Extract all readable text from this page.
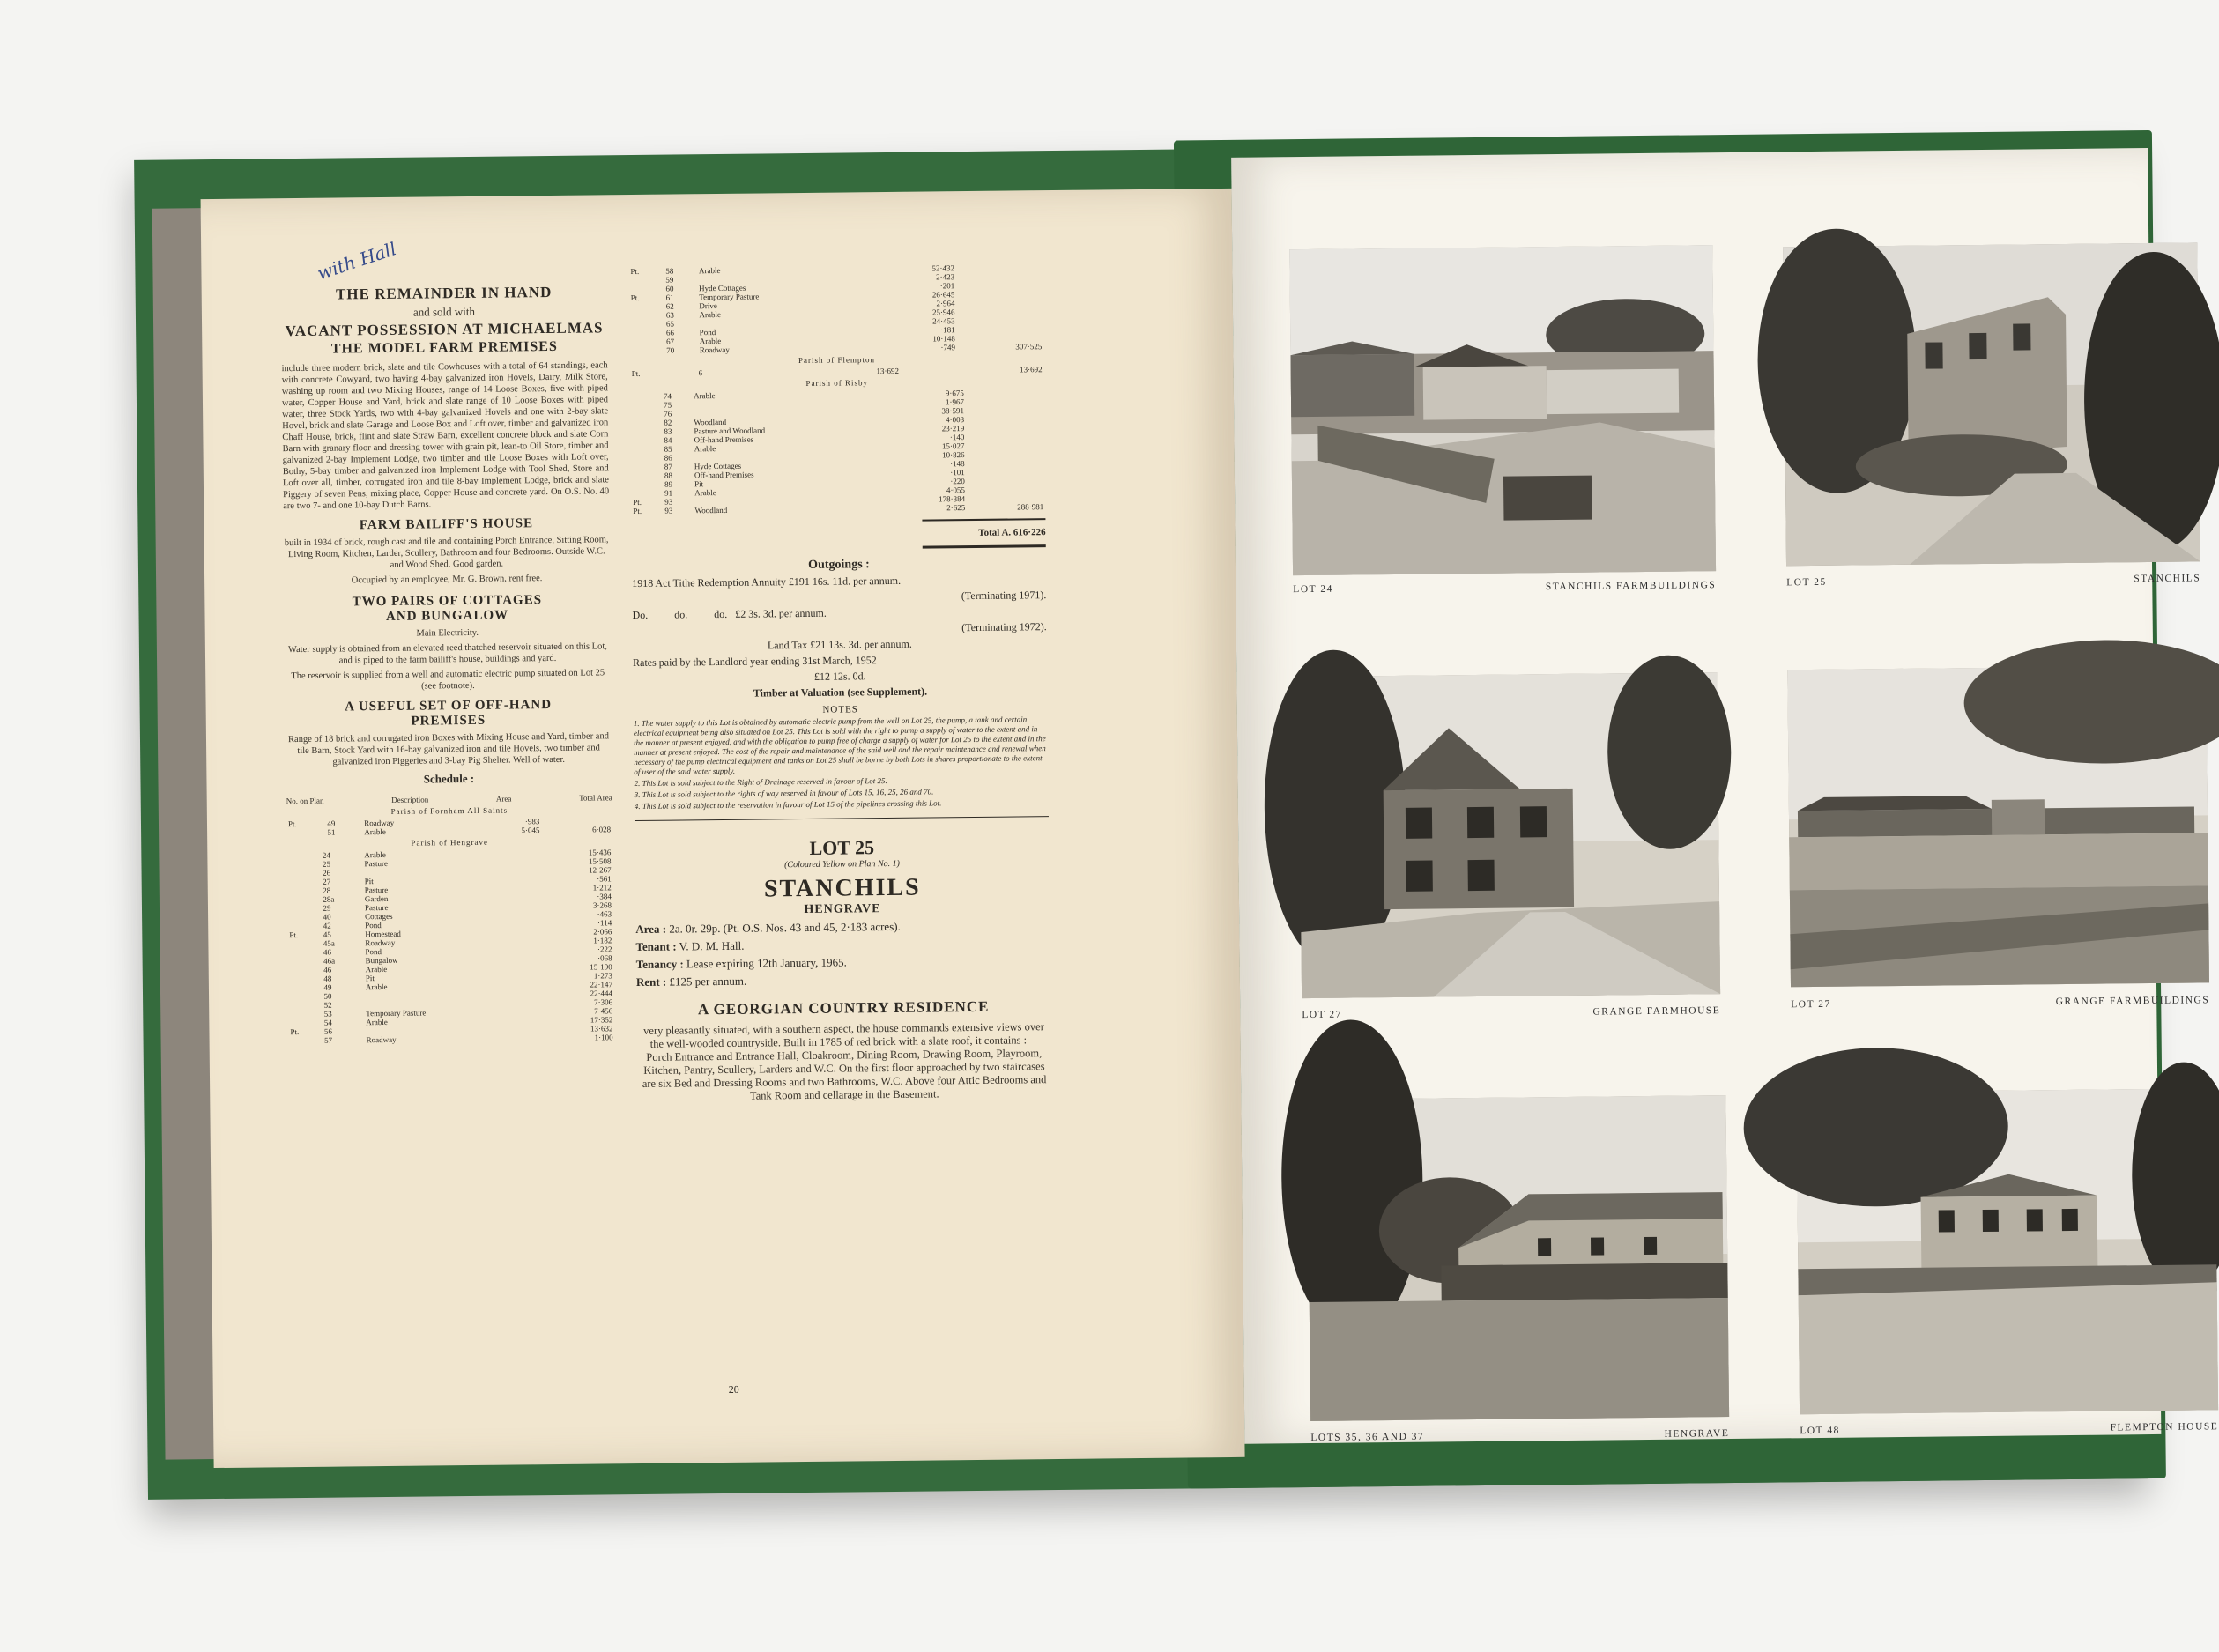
with Hall

THE REMAINDER IN HAND

and sold with

VACANT POSSESSION AT MICHAELMAS

THE MODEL FARM PREMISES

include three modern brick, slate and tile Cowhouses with a total of 64 standings, each with concrete Cowyard, two having 4-bay galvanized iron Hovels, Dairy, Milk Store, washing up room and two Mixing Houses, range of 14 Loose Boxes, five with piped water, Copper House and Yard, brick and slate range of 10 Loose Boxes with piped water, three Stock Yards, two with 4-bay galvanized Hovels and one with 2-bay slate Hovel, brick and slate Garage and Loose Box and Loft over, timber and galvanized iron Chaff House, brick, flint and slate Straw Barn, excellent concrete block and slate Corn Barn with granary floor and dressing tower with grain pit, lean-to Oil Store, timber and galvanized 2-bay Implement Lodge, two timber and tile Loose Boxes with Loft over, Bothy, 5-bay timber and galvanized iron Implement Lodge with Tool Shed, Store and Loft over all, timber, corrugated iron and tile 8-bay Implement Lodge, brick and slate Piggery of seven Pens, mixing place, Copper House and concrete yard. On O.S. No. 40 are two 7- and one 10-bay Dutch Barns.

FARM BAILIFF'S HOUSE

built in 1934 of brick, rough cast and tile and containing Porch Entrance, Sitting Room, Living Room, Kitchen, Larder, Scullery, Bathroom and four Bedrooms. Outside W.C. and Wood Shed. Good garden.

Occupied by an employee, Mr. G. Brown, rent free.

TWO PAIRS OF COTTAGES

AND BUNGALOW

Main Electricity.

Water supply is obtained from an elevated reed thatched reservoir situated on this Lot, and is piped to the farm bailiff's house, buildings and yard.

The reservoir is supplied from a well and automatic electric pump situated on Lot 25 (see footnote).

A USEFUL SET OF OFF-HAND

PREMISES

Range of 18 brick and corrugated iron Boxes with Mixing House and Yard, timber and tile Barn, Stock Yard with 16-bay galvanized iron and tile Hovels, two timber and galvanized iron Piggeries and 3-bay Pig Shelter. Well of water.

Schedule :
No. on Plan	Description	Area	Total Area
Parish of Fornham All Saints
Pt.	49	Roadway	·983	
	51	Arable	5·045	6·028
Parish of Hengrave
	24	Arable	15·436
	25	Pasture	15·508
	26		12·267
	27	Pit	·561
	28	Pasture	1·212
	28a	Garden	·384
	29	Pasture	3·268
	40	Cottages	·463
	42	Pond	·114
Pt.	45	Homestead	2·066
	45a	Roadway	1·182
	46	Pond	·222
	46a	Bungalow	·068
	46	Arable	15·190
	48	Pit	1·273
	49	Arable	22·147
	50		22·444
	52		7·306
	53	Temporary Pasture	7·456
	54	Arable	17·352
Pt.	56		13·632
	57	Roadway	1·100
Pt.	58	Arable	52·432	
	59		2·423	
	60	Hyde Cottages	·201	
Pt.	61	Temporary Pasture	26·645	
	62	Drive	2·964	
	63	Arable	25·946	
	65		24·453	
	66	Pond	·181	
	67	Arable	10·148	
	70	Roadway	·749	307·525
Parish of Flempton
Pt.	6		13·692	13·692
Parish of Risby
	74	Arable	9·675	
	75		1·967	
	76		38·591	
	82	Woodland	4·003	
	83	Pasture and Woodland	23·219	
	84	Off-hand Premises	·140	
	85	Arable	15·027	
	86		10·826	
	87	Hyde Cottages	·148	
	88	Off-hand Premises	·101	
	89	Pit	·220	
	91	Arable	4·055	
Pt.	93		178·384	
Pt.	93	Woodland	2·625	288·981
Total A. 616·226
Outgoings :
1918 Act Tithe Redemption Annuity £191 16s. 11d. per annum.
(Terminating 1971).
Do.          do.          do.   £2 3s. 3d. per annum.
(Terminating 1972).
Land Tax £21 13s. 3d. per annum.
Rates paid by the Landlord year ending 31st March, 1952
£12 12s. 0d.
Timber at Valuation (see Supplement).
NOTES

1. The water supply to this Lot is obtained by automatic electric pump from the well on Lot 25, the pump, a tank and certain electrical equipment being also situated on Lot 25. This Lot is sold with the right to pump a supply of water to the extent and in the manner at present enjoyed, and with the obligation to pump free of charge a supply of water for Lot 25 to the extent and in the manner at present enjoyed. The cost of the repair and maintenance of the said well and the repair maintenance and renewal when necessary of the pump electrical equipment and tanks on Lot 25 shall be borne by both Lots in shares proportionate to the extent of user of the said water supply.

2. This Lot is sold subject to the Right of Drainage reserved in favour of Lot 25.

3. This Lot is sold subject to the rights of way reserved in favour of Lots 15, 16, 25, 26 and 70.

4. This Lot is sold subject to the reservation in favour of Lot 15 of the pipelines crossing this Lot.

LOT 25
(Coloured Yellow on Plan No. 1)
STANCHILS
HENGRAVE
Area : 2a. 0r. 29p. (Pt. O.S. Nos. 43 and 45, 2·183 acres).
Tenant : V. D. M. Hall.
Tenancy : Lease expiring 12th January, 1965.
Rent : £125 per annum.
A GEORGIAN COUNTRY RESIDENCE

very pleasantly situated, with a southern aspect, the house commands extensive views over the well-wooded countryside. Built in 1785 of red brick with a slate roof, it contains :— Porch Entrance and Entrance Hall, Cloakroom, Dining Room, Drawing Room, Playroom, Kitchen, Pantry, Scullery, Larders and W.C. On the first floor approached by two staircases are six Bed and Dressing Rooms and two Bathrooms, W.C. Above four Attic Bedrooms and Tank Room and cellarage in the Basement.

20
LOT 24	STANCHILS FARMBUILDINGS	LOT 25	STANCHILS
LOT 27	GRANGE FARMHOUSE
LOT 27	GRANGE FARMBUILDINGS
LOTS 35, 36 AND 37	HENGRAVE	LOT 48	FLEMPTON HOUSE
